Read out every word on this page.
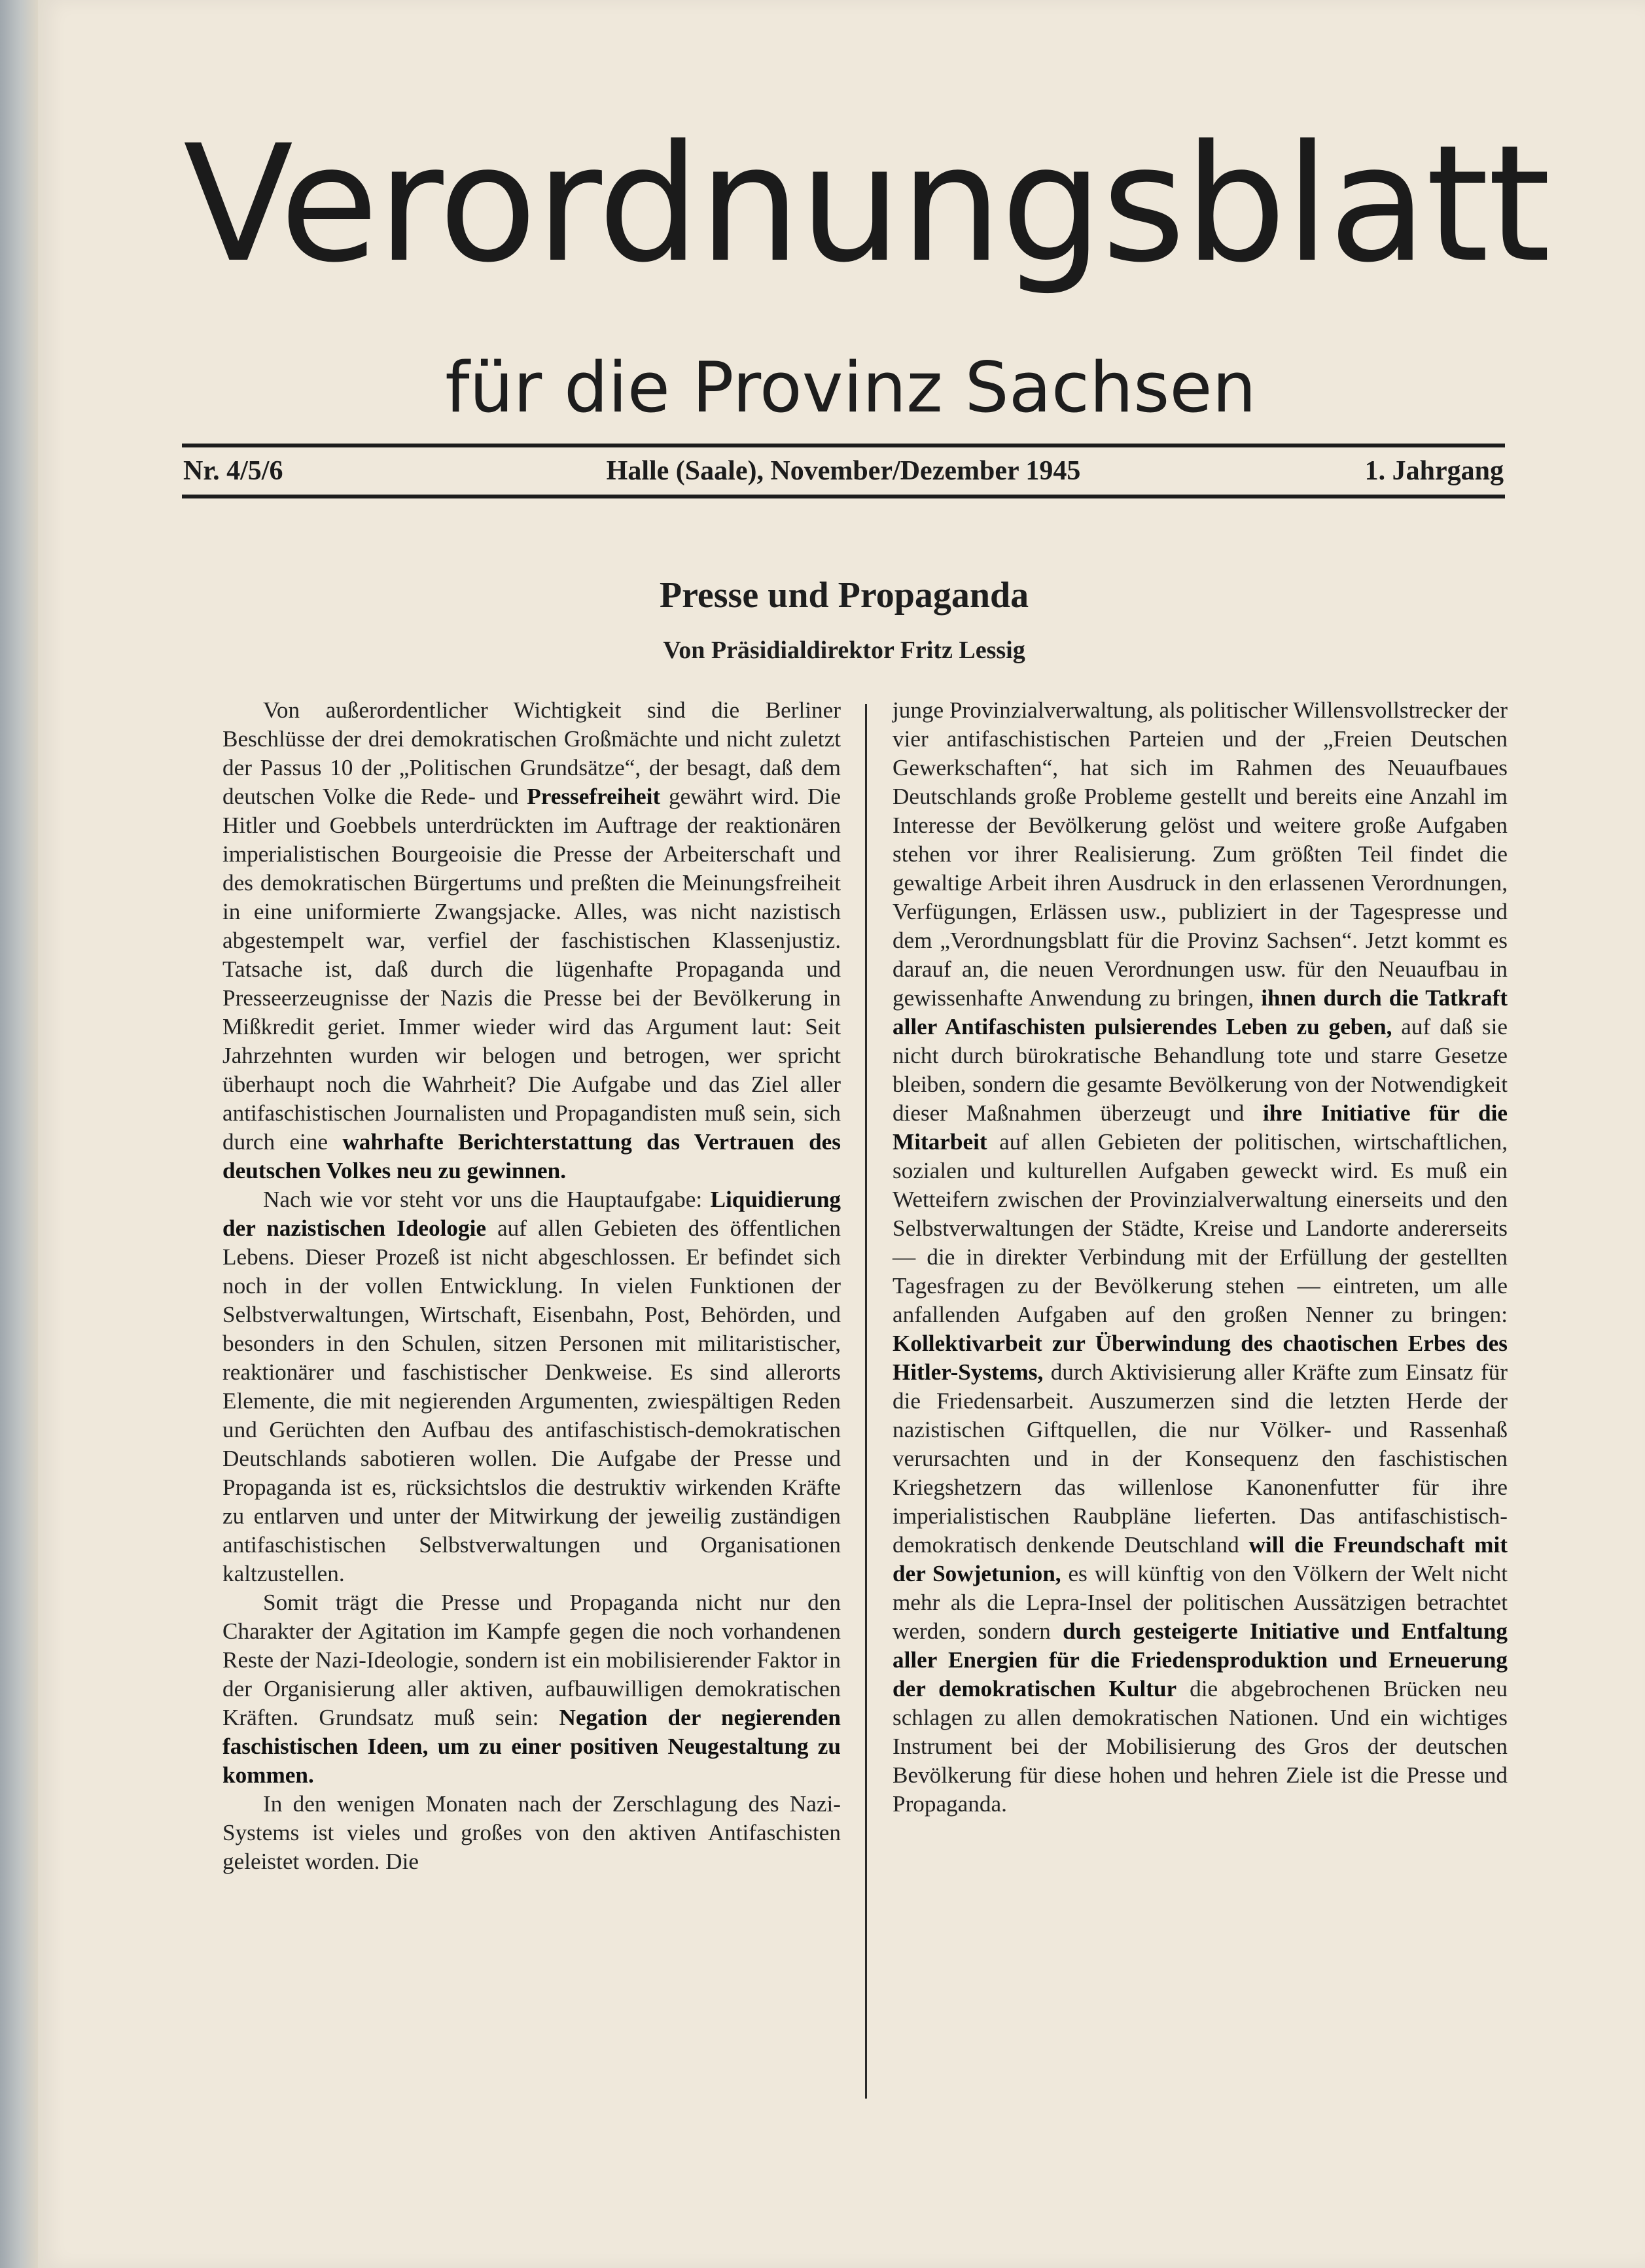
Verordnungsblatt
für die Provinz Sachsen
Nr. 4/5/6	Halle (Saale), November/Dezember 1945	1. Jahrgang
Presse und Propaganda
Von Präsidialdirektor Fritz Lessig

Von außerordentlicher Wichtigkeit sind die Berliner Beschlüsse der drei demokratischen Großmächte und nicht zuletzt der Passus 10 der „Politischen Grundsätze“, der besagt, daß dem deutschen Volke die Rede- und Pressefreiheit gewährt wird. Die Hitler und Goebbels unterdrückten im Auftrage der reaktionären imperialistischen Bourgeoisie die Presse der Arbeiterschaft und des demokratischen Bürgertums und preßten die Meinungsfreiheit in eine uniformierte Zwangsjacke. Alles, was nicht nazistisch abgestempelt war, verfiel der faschistischen Klassenjustiz. Tatsache ist, daß durch die lügenhafte Propaganda und Presseerzeugnisse der Nazis die Presse bei der Bevölkerung in Mißkredit geriet. Immer wieder wird das Argument laut: Seit Jahrzehnten wurden wir belogen und betrogen, wer spricht überhaupt noch die Wahrheit? Die Aufgabe und das Ziel aller antifaschistischen Journalisten und Propagandisten muß sein, sich durch eine wahrhafte Berichterstattung das Vertrauen des deutschen Volkes neu zu gewinnen.

Nach wie vor steht vor uns die Hauptaufgabe: Liquidierung der nazistischen Ideologie auf allen Gebieten des öffentlichen Lebens. Dieser Prozeß ist nicht abgeschlossen. Er befindet sich noch in der vollen Entwicklung. In vielen Funktionen der Selbstverwaltungen, Wirtschaft, Eisenbahn, Post, Behörden, und besonders in den Schulen, sitzen Personen mit militaristischer, reaktionärer und faschistischer Denkweise. Es sind allerorts Elemente, die mit negierenden Argumenten, zwiespältigen Reden und Gerüchten den Aufbau des antifaschistisch-demokratischen Deutschlands sabotieren wollen. Die Aufgabe der Presse und Propaganda ist es, rücksichtslos die destruktiv wirkenden Kräfte zu entlarven und unter der Mitwirkung der jeweilig zuständigen antifaschistischen Selbstverwaltungen und Organisationen kaltzustellen.

Somit trägt die Presse und Propaganda nicht nur den Charakter der Agitation im Kampfe gegen die noch vorhandenen Reste der Nazi-Ideologie, sondern ist ein mobilisierender Faktor in der Organisierung aller aktiven, aufbauwilligen demokratischen Kräften. Grundsatz muß sein: Negation der negierenden faschistischen Ideen, um zu einer positiven Neugestaltung zu kommen.

In den wenigen Monaten nach der Zerschlagung des Nazi-Systems ist vieles und großes von den aktiven Antifaschisten geleistet worden. Die

junge Provinzialverwaltung, als politischer Willensvollstrecker der vier antifaschistischen Parteien und der „Freien Deutschen Gewerkschaften“, hat sich im Rahmen des Neuaufbaues Deutschlands große Probleme gestellt und bereits eine Anzahl im Interesse der Bevölkerung gelöst und weitere große Aufgaben stehen vor ihrer Realisierung. Zum größten Teil findet die gewaltige Arbeit ihren Ausdruck in den erlassenen Verordnungen, Verfügungen, Erlässen usw., publiziert in der Tagespresse und dem „Verordnungsblatt für die Provinz Sachsen“. Jetzt kommt es darauf an, die neuen Verordnungen usw. für den Neuaufbau in gewissenhafte Anwendung zu bringen, ihnen durch die Tatkraft aller Antifaschisten pulsierendes Leben zu geben, auf daß sie nicht durch bürokratische Behandlung tote und starre Gesetze bleiben, sondern die gesamte Bevölkerung von der Notwendigkeit dieser Maßnahmen überzeugt und ihre Initiative für die Mitarbeit auf allen Gebieten der politischen, wirtschaftlichen, sozialen und kulturellen Aufgaben geweckt wird. Es muß ein Wetteifern zwischen der Provinzialverwaltung einerseits und den Selbstverwaltungen der Städte, Kreise und Landorte andererseits — die in direkter Verbindung mit der Erfüllung der gestellten Tagesfragen zu der Bevölkerung stehen — eintreten, um alle anfallenden Aufgaben auf den großen Nenner zu bringen: Kollektivarbeit zur Überwindung des chaotischen Erbes des Hitler-Systems, durch Aktivisierung aller Kräfte zum Einsatz für die Friedensarbeit. Auszumerzen sind die letzten Herde der nazistischen Giftquellen, die nur Völker- und Rassenhaß verursachten und in der Konsequenz den faschistischen Kriegshetzern das willenlose Kanonenfutter für ihre imperialistischen Raubpläne lieferten. Das antifaschistisch-demokratisch denkende Deutschland will die Freundschaft mit der Sowjetunion, es will künftig von den Völkern der Welt nicht mehr als die Lepra-Insel der politischen Aussätzigen betrachtet werden, sondern durch gesteigerte Initiative und Entfaltung aller Energien für die Friedensproduktion und Erneuerung der demokratischen Kultur die abgebrochenen Brücken neu schlagen zu allen demokratischen Nationen. Und ein wichtiges Instrument bei der Mobilisierung des Gros der deutschen Bevölkerung für diese hohen und hehren Ziele ist die Presse und Propaganda.
